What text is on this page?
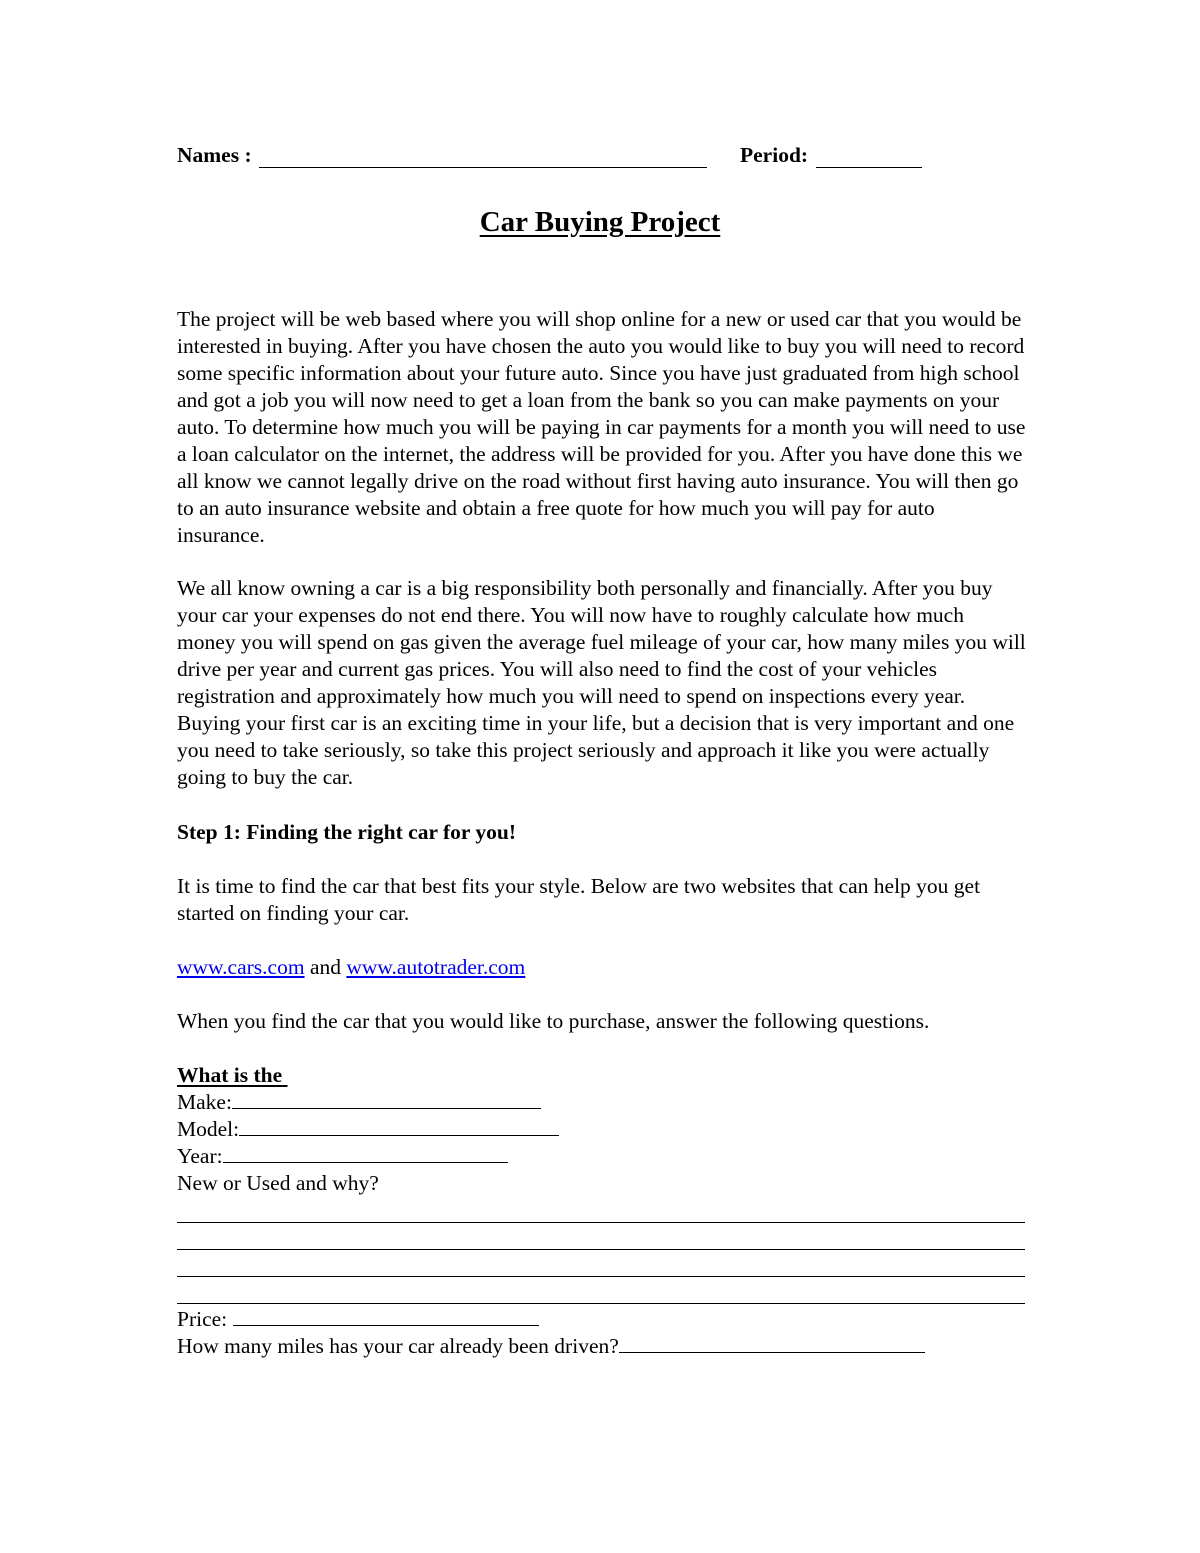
Names :	Period:
Car Buying Project

The project will be web based where you will shop online for a new or used car that you would be interested in buying. After you have chosen the auto you would like to buy you will need to record some specific information about your future auto. Since you have just graduated from high school and got a job you will now need to get a loan from the bank so you can make payments on your auto. To determine how much you will be paying in car payments for a month you will need to use a loan calculator on the internet, the address will be provided for you. After you have done this we all know we cannot legally drive on the road without first having auto insurance. You will then go to an auto insurance website and obtain a free quote for how much you will pay for auto insurance.

We all know owning a car is a big responsibility both personally and financially. After you buy your car your expenses do not end there. You will now have to roughly calculate how much money you will spend on gas given the average fuel mileage of your car, how many miles you will drive per year and current gas prices. You will also need to find the cost of your vehicles registration and approximately how much you will need to spend on inspections every year. Buying your first car is an exciting time in your life, but a decision that is very important and one you need to take seriously, so take this project seriously and approach it like you were actually going to buy the car.

Step 1: Finding the right car for you!

It is time to find the car that best fits your style. Below are two websites that can help you get started on finding your car.

www.cars.com and www.autotrader.com

When you find the car that you would like to purchase, answer the following questions.

What is the
Make:
Model:
Year:
New or Used and why?
Price:
How many miles has your car already been driven?
